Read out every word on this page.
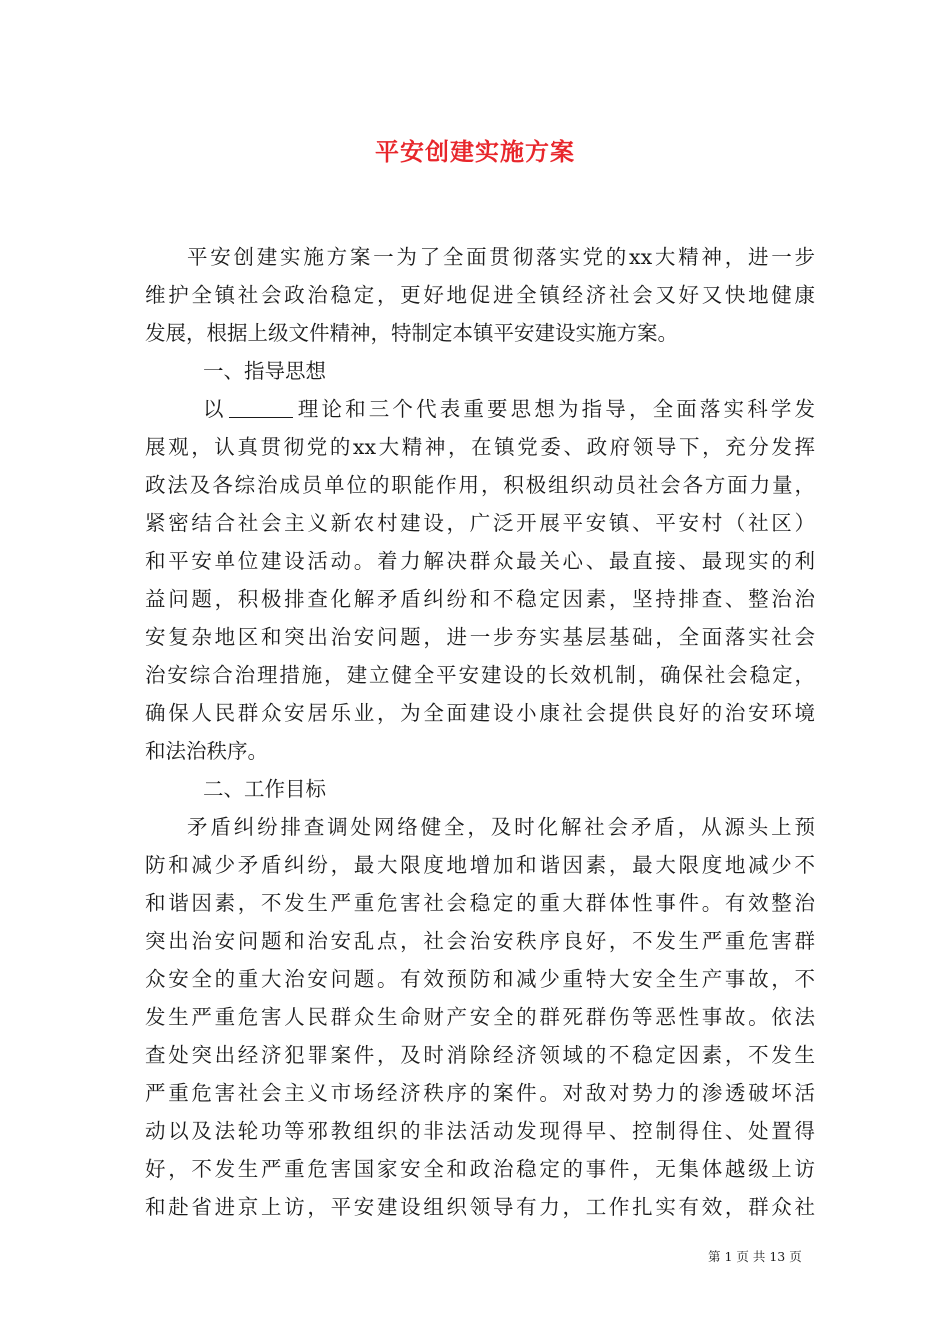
平安创建实施方案
平安创建实施方案一为了全面贯彻落实党的xx大精神，进一步
维护全镇社会政治稳定，更好地促进全镇经济社会又好又快地健康
发展，根据上级文件精神，特制定本镇平安建设实施方案。
一、指导思想
以	理论和三个代表重要思想为指导，全面落实科学发
展观，认真贯彻党的xx大精神，在镇党委、政府领导下，充分发挥
政法及各综治成员单位的职能作用，积极组织动员社会各方面力量，
紧密结合社会主义新农村建设，广泛开展平安镇、平安村（社区）
和平安单位建设活动。着力解决群众最关心、最直接、最现实的利
益问题，积极排查化解矛盾纠纷和不稳定因素，坚持排查、整治治
安复杂地区和突出治安问题，进一步夯实基层基础，全面落实社会
治安综合治理措施，建立健全平安建设的长效机制，确保社会稳定，
确保人民群众安居乐业，为全面建设小康社会提供良好的治安环境
和法治秩序。
二、工作目标
矛盾纠纷排查调处网络健全，及时化解社会矛盾，从源头上预
防和减少矛盾纠纷，最大限度地增加和谐因素，最大限度地减少不
和谐因素，不发生严重危害社会稳定的重大群体性事件。有效整治
突出治安问题和治安乱点，社会治安秩序良好，不发生严重危害群
众安全的重大治安问题。有效预防和减少重特大安全生产事故，不
发生严重危害人民群众生命财产安全的群死群伤等恶性事故。依法
查处突出经济犯罪案件，及时消除经济领域的不稳定因素，不发生
严重危害社会主义市场经济秩序的案件。对敌对势力的渗透破坏活
动以及法轮功等邪教组织的非法活动发现得早、控制得住、处置得
好，不发生严重危害国家安全和政治稳定的事件，无集体越级上访
和赴省进京上访，平安建设组织领导有力，工作扎实有效，群众社
第 1 页 共 13 页
